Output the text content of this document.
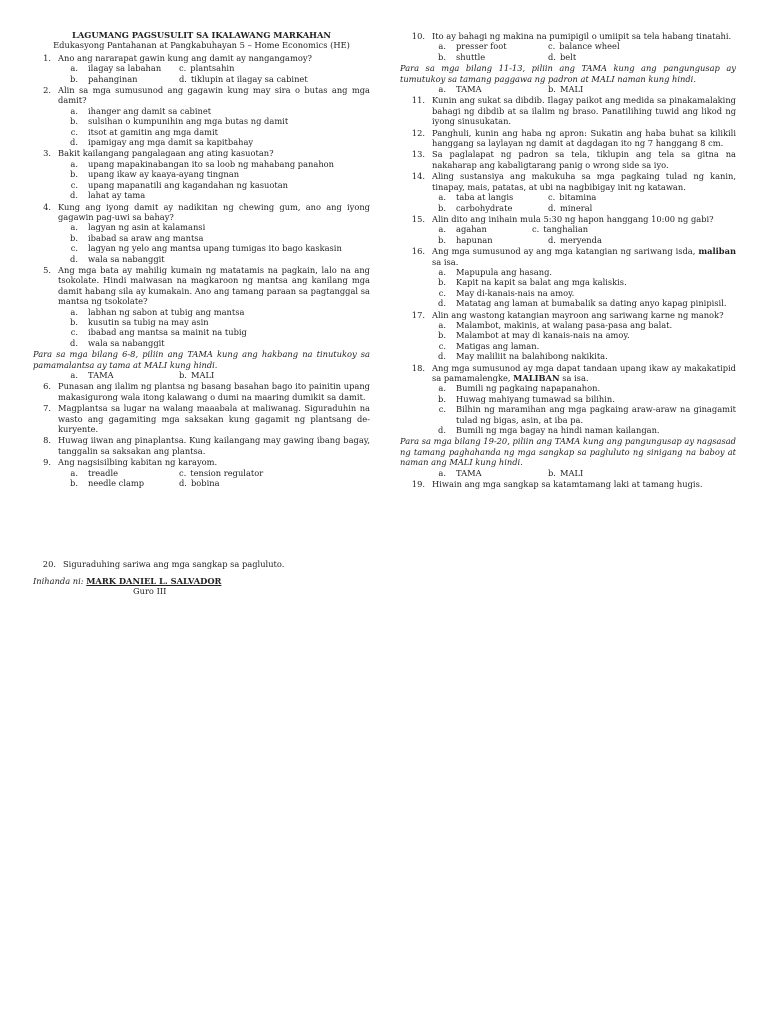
LAGUMANG PAGSUSULIT SA IKALAWANG MARKAHAN
Edukasyong Pantahanan at Pangkabuhayan 5 – Home Economics (HE)
1. Ano ang nararapat gawin kung ang damit ay nangangamoy?
a.	ilagay sa labahan c. plantsahin
b.	pahanginan	d. tiklupin at ilagay sa cabinet
2. Alin sa mga sumusunod ang gagawin kung may sira o butas ang mga damit?
a.	ihanger ang damit sa cabinet
b.	sulsihan o kumpunihin ang mga butas ng damit
c.	itsot at gamitin ang mga damit
d.	ipamigay ang mga damit sa kapitbahay
3. Bakit kailangang pangalagaan ang ating kasuotan?
a.	upang mapakinabangan ito sa loob ng mahabang panahon
b.	upang ikaw ay kaaya-ayang tingnan
c.	upang mapanatili ang kagandahan ng kasuotan
d.	lahat ay tama
4. Kung ang iyong damit ay nadikitan ng chewing gum, ano ang iyong gagawin pag-uwi sa bahay?
a.	lagyan ng asin at kalamansi
b.	ibabad sa araw ang mantsa
c.	lagyan ng yelo ang mantsa upang tumigas ito bago kaskasin
d.	wala sa nabanggit
5. Ang mga bata ay mahilig kumain ng matatamis na pagkain, lalo na ang tsokolate. Hindi maiwasan na magkaroon ng mantsa ang kanilang mga damit habang sila ay kumakain. Ano ang tamang paraan sa pagtanggal sa mantsa ng tsokolate?
a.	labhan ng sabon at tubig ang mantsa
b.	kusutin sa tubig na may asin
c.	ibabad ang mantsa sa mainit na tubig
d.	wala sa nabanggit
Para sa mga bilang 6-8, piliin ang TAMA kung ang hakbang na tinutukoy sa pamamalantsa ay tama at MALI kung hindi.
a.	TAMA	b. MALI
6. Punasan ang ilalim ng plantsa ng basang basahan bago ito painitin upang makasigurong wala itong kalawang o dumi na maaring dumikit sa damit.
7. Magplantsa sa lugar na walang maaabala at maliwanag. Siguraduhin na wasto ang gagamiting mga saksakan kung gagamit ng plantsang de-kuryente.
8. Huwag iiwan ang pinaplantsa. Kung kailangang may gawing ibang bagay, tanggalin sa saksakan ang plantsa.
9. Ang nagsisilbing kabitan ng karayom.
a.	treadle	c. tension regulator
b.	needle clamp	d. bobina
20. Siguraduhing sariwa ang mga sangkap sa pagluluto.
Inihanda ni: MARK DANIEL L. SALVADOR
Guro III
10. Ito ay bahagi ng makina na pumipigil o umiipit sa tela habang tinatahi.
a.	presser foot	c. balance wheel
b.	shuttle	d. belt
Para sa mga bilang 11-13, piliin ang TAMA kung ang pangungusap ay tumutukoy sa tamang paggawa ng padron at MALI naman kung hindi.
a.	TAMA	b. MALI
11. Kunin ang sukat sa dibdib. Ilagay paikot ang medida sa pinakamalaking bahagi ng dibdib at sa ilalim ng braso. Panatilihing tuwid ang likod ng iyong sinusukatan.
12. Panghuli, kunin ang haba ng apron: Sukatin ang haba buhat sa kilikili hanggang sa laylayan ng damit at dagdagan ito ng 7 hanggang 8 cm.
13. Sa paglalapat ng padron sa tela, tiklupin ang tela sa gitna na nakaharap ang kabaligtarang panig o wrong side sa iyo.
14. Aling sustansiya ang makukuha sa mga pagkaing tulad ng kanin, tinapay, mais, patatas, at ubi na nagbibigay init ng katawan.
a.	taba at langis	c. bitamina
b.	carbohydrate	d. mineral
15. Alin dito ang inihain mula 5:30 ng hapon hanggang 10:00 ng gabi?
a.	agahan	c. tanghalian
b.	hapunan	d. meryenda
16. Ang mga sumusunod ay ang mga katangian ng sariwang isda, maliban sa isa.
a.	Mapupula ang hasang.
b.	Kapit na kapit sa balat ang mga kaliskis.
c.	May di-kanais-nais na amoy.
d.	Matatag ang laman at bumabalik sa dating anyo kapag pinipisil.
17. Alin ang wastong katangian mayroon ang sariwang karne ng manok?
a.	Malambot, makinis, at walang pasa-pasa ang balat.
b.	Malambot at may di kanais-nais na amoy.
c.	Matigas ang laman.
d.	May maliliit na balahibong nakikita.
18. Ang mga sumusunod ay mga dapat tandaan upang ikaw ay makakatipid sa pamamalengke, MALIBAN sa isa.
a.	Bumili ng pagkaing napapanahon.
b.	Huwag mahiyang tumawad sa bilihin.
c.	Bilhin ng maramihan ang mga pagkaing araw-araw na ginagamit tulad ng bigas, asin, at iba pa.
d.	Bumili ng mga bagay na hindi naman kailangan.
Para sa mga bilang 19-20, piliin ang TAMA kung ang pangungusap ay nagsasad ng tamang paghahanda ng mga sangkap sa pagluluto ng sinigang na baboy at naman ang MALI kung hindi.
a.	TAMA	b. MALI
19. Hiwain ang mga sangkap sa katamtamang laki at tamang hugis.
